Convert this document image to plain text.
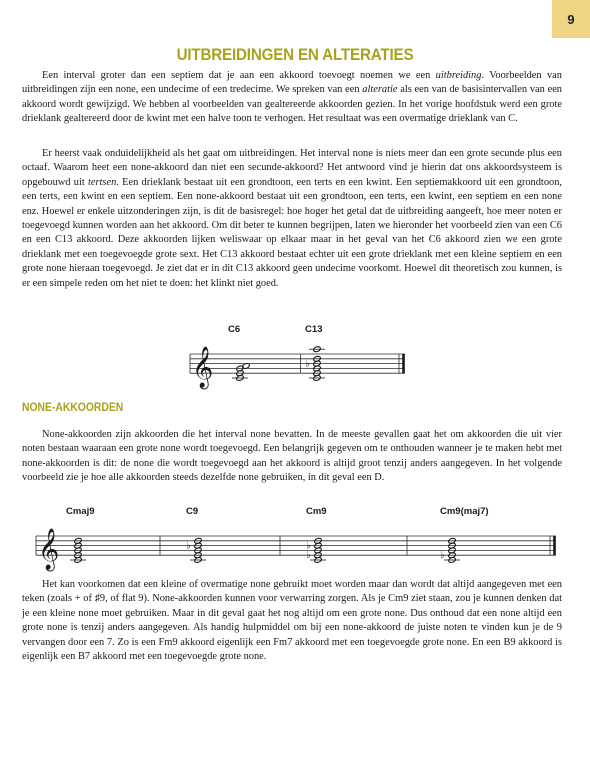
9
UITBREIDINGEN EN ALTERATIES

Een interval groter dan een septiem dat je aan een akkoord toevoegt noemen we een uitbreiding. Voorbeelden van uitbreidingen zijn een none, een undecime of een tredecime. We spreken van een alteratie als een van de basisintervallen van een akkoord wordt gewijzigd. We hebben al voorbeelden van gealtereerde akkoorden gezien. In het vorige hoofdstuk werd een grote drieklank gealtereerd door de kwint met een halve toon te verhogen. Het resultaat was een overmatige drieklank van C.

Er heerst vaak onduidelijkheid als het gaat om uitbreidingen. Het interval none is niets meer dan een grote secunde plus een octaaf. Waarom heet een none-akkoord dan niet een secunde-akkoord? Het antwoord vind je hierin dat ons akkoordsysteem is opgebouwd uit tertsen. Een drieklank bestaat uit een grondtoon, een terts en een kwint. Een septiemakkoord uit een grondtoon, een terts, een kwint en een septiem. Een none-akkoord bestaat uit een grondtoon, een terts, een kwint, een septiem en een none enz. Hoewel er enkele uitzonderingen zijn, is dit de basisregel: hoe hoger het getal dat de uitbreiding aangeeft, hoe meer noten er toegevoegd kunnen worden aan het akkoord. Om dit beter te kunnen begrijpen, laten we hieronder het voorbeeld zien van een C6 en een C13 akkoord. Deze akkoorden lijken weliswaar op elkaar maar in het geval van het C6 akkoord zien we een grote drieklank met een toegevoegde grote sext. Het C13 akkoord bestaat echter uit een grote drieklank met een kleine septiem en een grote none hieraan toegevoegd. Je ziet dat er in dit C13 akkoord geen undecime voorkomt. Hoewel dit theoretisch zou kunnen, is er een simpele reden om het niet te doen: het klinkt niet goed.

𝄞
C6	C13
♭
NONE-AKKOORDEN

None-akkoorden zijn akkoorden die het interval none bevatten. In de meeste gevallen gaat het om akkoorden die uit vier noten bestaan waaraan een grote none wordt toegevoegd. Een belangrijk gegeven om te onthouden wanneer je te maken hebt met none-akkoorden is dit: de none die wordt toegevoegd aan het akkoord is altijd groot tenzij anders aangegeven. In het volgende voorbeeld zie je hoe alle akkoorden steeds dezelfde none gebruiken, in dit geval een D.

𝄞
Cmaj9	C9
♭
Cm9
♭
♭
Cm9(maj7)
♭

Het kan voorkomen dat een kleine of overmatige none gebruikt moet worden maar dan wordt dat altijd aangegeven met een teken (zoals + of ♯9, of flat 9). None-akkoorden kunnen voor verwarring zorgen. Als je Cm9 ziet staan, zou je kunnen denken dat je een kleine none moet gebruiken. Maar in dit geval gaat het nog altijd om een grote none. Dus onthoud dat een none altijd een grote none is tenzij anders aangegeven. Als handig hulpmiddel om bij een none-akkoord de juiste noten te vinden kun je de 9 vervangen door een 7. Zo is een Fm9 akkoord eigenlijk een Fm7 akkoord met een toegevoegde grote none. En een B9 akkoord is eigenlijk een B7 akkoord met een toegevoegde grote none.
